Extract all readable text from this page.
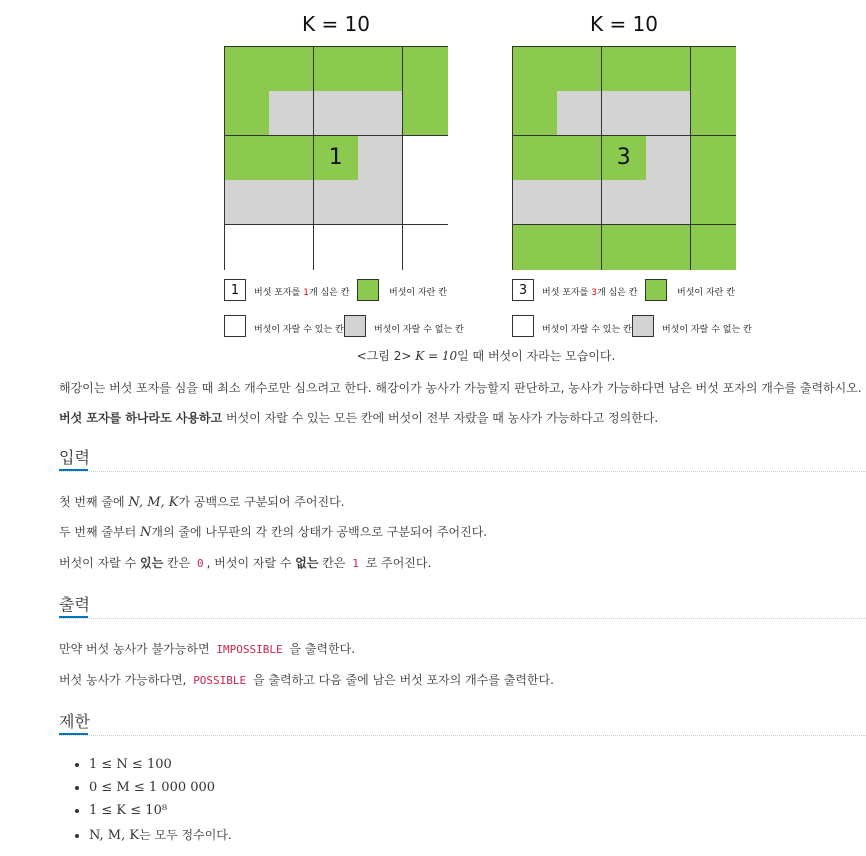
K = 10	K = 10
1	3
1	버섯 포자를 1개 심은 칸	버섯이 자란 칸
버섯이 자랄 수 있는 칸	버섯이 자랄 수 없는 칸
3	버섯 포자를 3개 심은 칸	버섯이 자란 칸
버섯이 자랄 수 있는 칸	버섯이 자랄 수 없는 칸
<그림 2> K = 10일 때 버섯이 자라는 모습이다.
해강이는 버섯 포자를 심을 때 최소 개수로만 심으려고 한다. 해강이가 농사가 가능할지 판단하고, 농사가 가능하다면 남은 버섯 포자의 개수를 출력하시오.
버섯 포자를 하나라도 사용하고 버섯이 자랄 수 있는 모든 칸에 버섯이 전부 자랐을 때 농사가 가능하다고 정의한다.
입력
첫 번째 줄에 N, M, K가 공백으로 구분되어 주어진다.
두 번째 줄부터 N개의 줄에 나무판의 각 칸의 상태가 공백으로 구분되어 주어진다.
버섯이 자랄 수 있는 칸은 0 , 버섯이 자랄 수 없는 칸은 1 로 주어진다.
출력
만약 버섯 농사가 불가능하면 IMPOSSIBLE 을 출력한다.
버섯 농사가 가능하다면, POSSIBLE 을 출력하고 다음 줄에 남은 버섯 포자의 개수를 출력한다.
제한
• 1 ≤ N ≤ 100
• 0 ≤ M ≤ 1 000 000
• 1 ≤ K ≤ 10⁸
• N, M, K는 모두 정수이다.
